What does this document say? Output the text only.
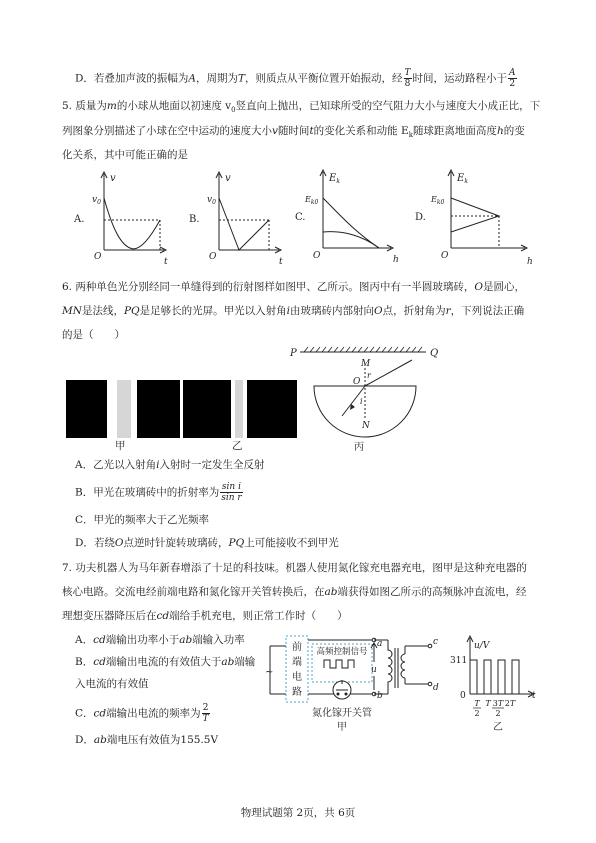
D．若叠加声波的振幅为A，周期为T，则质点从平衡位置开始振动，经 $\frac{T}{8}$ 时间，运动路程小于 $\frac{A}{2}$
5. 质量为m的小球从地面以初速度 $v_0$竖直向上抛出，已知球所受的空气阻力大小与速度大小成正比，下
列图象分别描述了小球在空中运动的速度大小v随时间t的变化关系和动能 $E_k$随球距离地面高度h的变
化关系，其中可能正确的是
A.
v
$v_0$
O	t
B.
v
$v_0$
O	t
C.
$E_k$
$E_{k0}$
O	h
D.
$E_k$
$E_{k0}$
O
h
6. 两种单色光分别经同一单缝得到的衍射图样如图甲、乙所示。图丙中有一半圆玻璃砖，O是圆心，
MN是法线，PQ是足够长的光屏。甲光以入射角i由玻璃砖内部射向O点，折射角为r，下列说法正确
的是（　　）
甲	乙
P	Q
M
N
O
r
i
丙
A．乙光以入射角i入射时一定发生全反射
B．甲光在玻璃砖中的折射率为 $\frac{\text{sin i}}{\text{sin r}}$
C．甲光的频率大于乙光频率
D．若绕O点逆时针旋转玻璃砖，PQ上可能接收不到甲光
7. 功夫机器人为马年新春增添了十足的科技味。机器人使用氮化镓充电器充电，图甲是这种充电器的
核心电路。交流电经前端电路和氮化镓开关管转换后，在ab端获得如图乙所示的高频脉冲直流电，经
理想变压器降压后在cd端给手机充电，则正常工作时（　　）
A．cd端输出功率小于ab端输入功率
B．cd端输出电流的有效值大于ab端输
入电流的有效值
C．cd端输出电流的频率为 $\frac{2}{T}$
D．ab端电压有效值为155.5V
~
前
端
电
路
高频控制信号
a
b
u
c
d
氮化镓开关管
甲
u/V
311
0	t
T
2
T 3T
2
2T
乙
物理试题第 2页，共 6页
